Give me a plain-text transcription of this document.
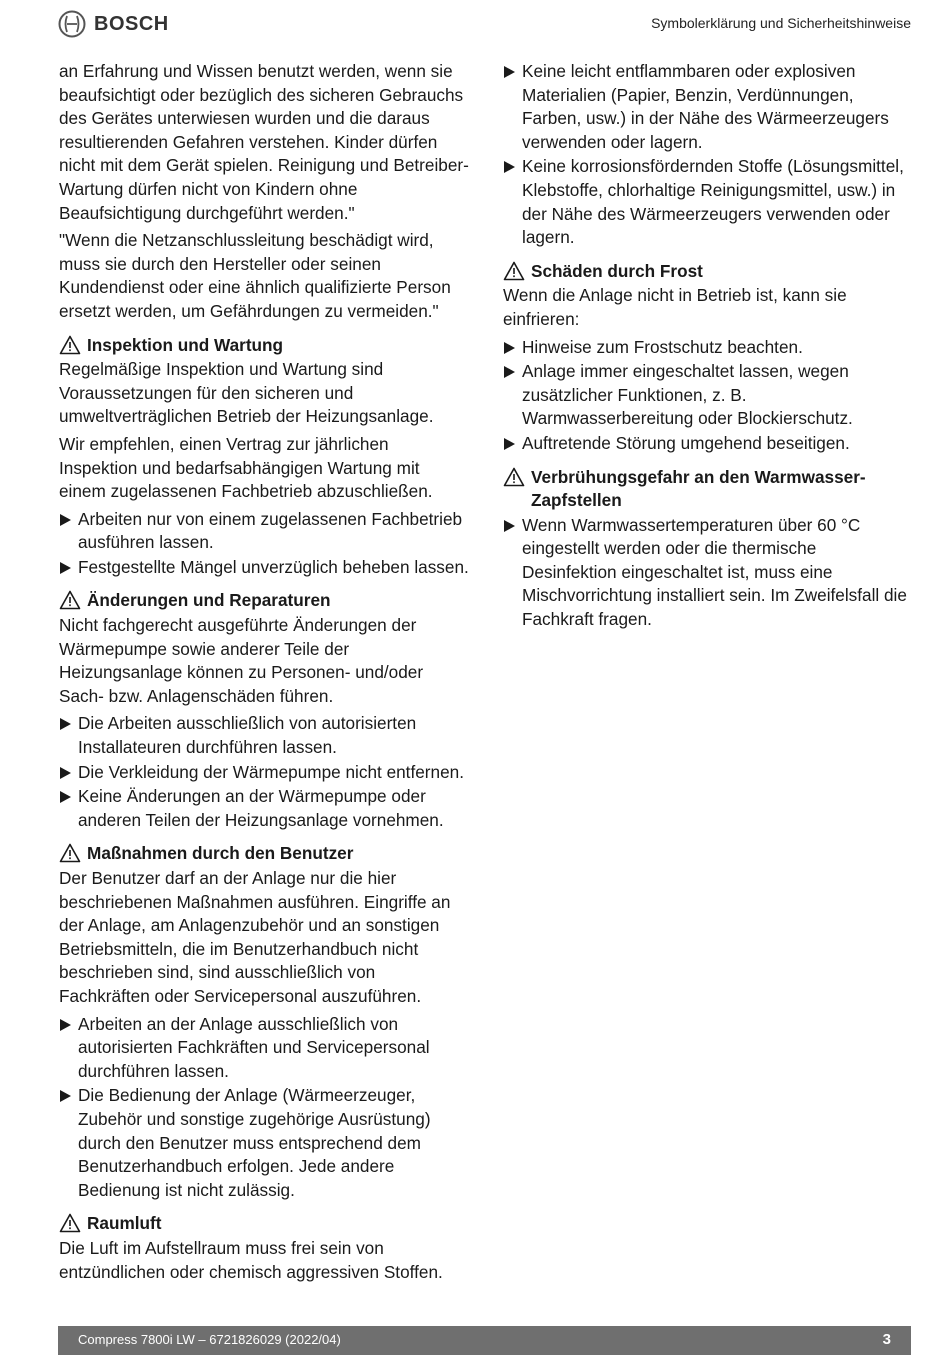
BOSCH	Symbolerklärung und Sicherheitshinweise

an Erfahrung und Wissen benutzt werden, wenn sie beaufsichtigt oder bezüglich des sicheren Gebrauchs des Gerätes unterwiesen wurden und die daraus resultierenden Gefahren verstehen. Kinder dürfen nicht mit dem Gerät spielen. Reinigung und Betreiber-Wartung dürfen nicht von Kindern ohne Beaufsichtigung durchgeführt werden."

"Wenn die Netzanschlussleitung beschädigt wird, muss sie durch den Hersteller oder seinen Kundendienst oder eine ähnlich qualifizierte Person ersetzt werden, um Gefährdungen zu vermeiden."

Inspektion und Wartung

Regelmäßige Inspektion und Wartung sind Voraussetzungen für den sicheren und umweltverträglichen Betrieb der Heizungsanlage.

Wir empfehlen, einen Vertrag zur jährlichen Inspektion und bedarfsabhängigen Wartung mit einem zugelassenen Fachbetrieb abzuschließen.

Arbeiten nur von einem zugelassenen Fachbetrieb ausführen lassen.
Festgestellte Mängel unverzüglich beheben lassen.
Änderungen und Reparaturen

Nicht fachgerecht ausgeführte Änderungen der Wärmepumpe sowie anderer Teile der Heizungsanlage können zu Personen- und/oder Sach- bzw. Anlagenschäden führen.

Die Arbeiten ausschließlich von autorisierten Installateuren durchführen lassen.
Die Verkleidung der Wärmepumpe nicht entfernen.
Keine Änderungen an der Wärmepumpe oder anderen Teilen der Heizungsanlage vornehmen.
Maßnahmen durch den Benutzer

Der Benutzer darf an der Anlage nur die hier beschriebenen Maßnahmen ausführen. Eingriffe an der Anlage, am Anlagenzubehör und an sonstigen Betriebsmitteln, die im Benutzerhandbuch nicht beschrieben sind, sind ausschließlich von Fachkräften oder Servicepersonal auszuführen.

Arbeiten an der Anlage ausschließlich von autorisierten Fachkräften und Servicepersonal durchführen lassen.
Die Bedienung der Anlage (Wärmeerzeuger, Zubehör und sonstige zugehörige Ausrüstung) durch den Benutzer muss entsprechend dem Benutzerhandbuch erfolgen. Jede andere Bedienung ist nicht zulässig.
Raumluft

Die Luft im Aufstellraum muss frei sein von entzündlichen oder chemisch aggressiven Stoffen.

Keine leicht entflammbaren oder explosiven Materialien (Papier, Benzin, Verdünnungen, Farben, usw.) in der Nähe des Wärmeerzeugers verwenden oder lagern.
Keine korrosionsfördernden Stoffe (Lösungsmittel, Klebstoffe, chlorhaltige Reinigungsmittel, usw.) in der Nähe des Wärmeerzeugers verwenden oder lagern.
Schäden durch Frost

Wenn die Anlage nicht in Betrieb ist, kann sie einfrieren:

Hinweise zum Frostschutz beachten.
Anlage immer eingeschaltet lassen, wegen zusätzlicher Funktionen, z. B. Warmwasserbereitung oder Blockierschutz.
Auftretende Störung umgehend beseitigen.
Verbrühungsgefahr an den Warmwasser-Zapfstellen
Wenn Warmwassertemperaturen über 60 °C eingestellt werden oder die thermische Desinfektion eingeschaltet ist, muss eine Mischvorrichtung installiert sein. Im Zweifelsfall die Fachkraft fragen.
Compress 7800i LW – 6721826029 (2022/04)	3
